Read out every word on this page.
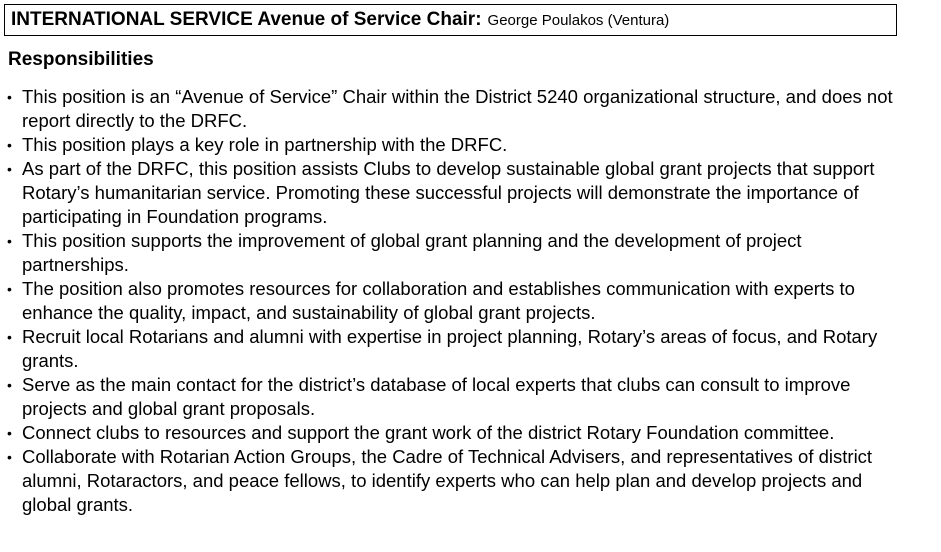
INTERNATIONAL SERVICE Avenue of Service Chair: George Poulakos (Ventura)
Responsibilities
• This position is an “Avenue of Service” Chair within the District 5240 organizational structure, and does not report directly to the DRFC.
• This position plays a key role in partnership with the DRFC.
• As part of the DRFC, this position assists Clubs to develop sustainable global grant projects that support Rotary’s humanitarian service. Promoting these successful projects will demonstrate the importance of participating in Foundation programs.
• This position supports the improvement of global grant planning and the development of project partnerships.
• The position also promotes resources for collaboration and establishes communication with experts to enhance the quality, impact, and sustainability of global grant projects.
• Recruit local Rotarians and alumni with expertise in project planning, Rotary’s areas of focus, and Rotary grants.
• Serve as the main contact for the district’s database of local experts that clubs can consult to improve projects and global grant proposals.
• Connect clubs to resources and support the grant work of the district Rotary Foundation committee.
• Collaborate with Rotarian Action Groups, the Cadre of Technical Advisers, and representatives of district alumni, Rotaractors, and peace fellows, to identify experts who can help plan and develop projects and global grants.
